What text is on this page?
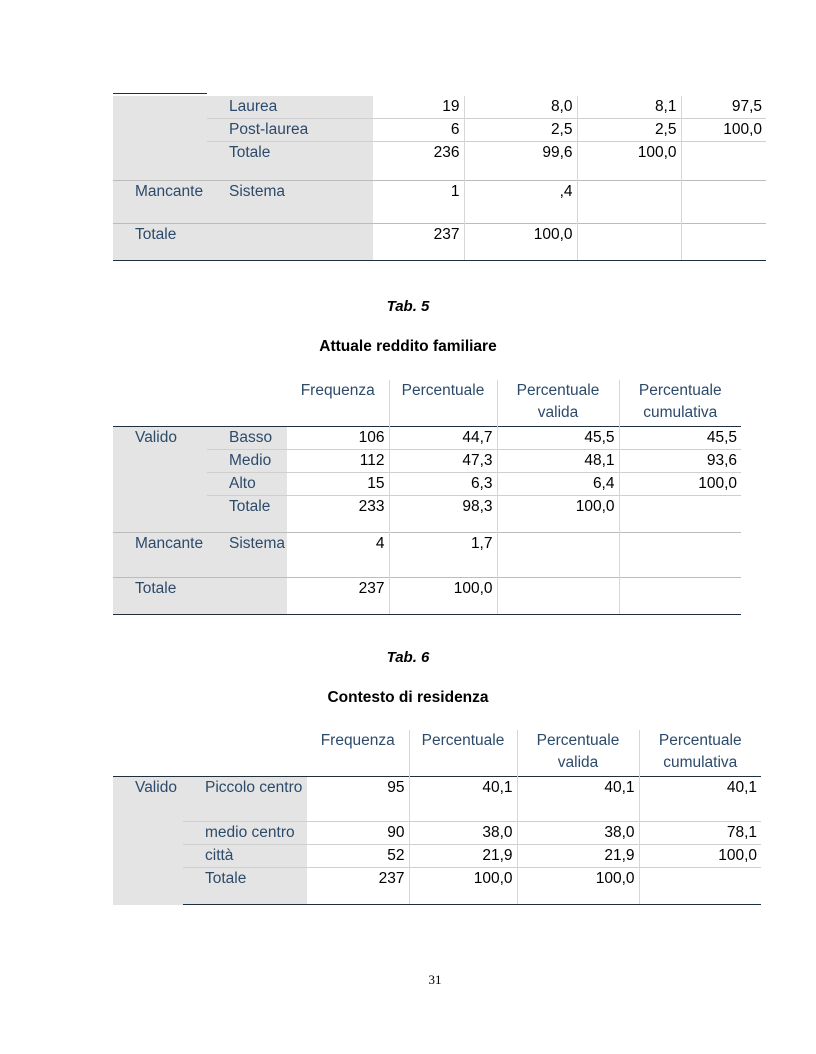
	Laurea	19	8,0	8,1	97,5
	Post-laurea	6	2,5	2,5	100,0
	Totale	236	99,6	100,0	
Mancante	Sistema	1	,4		
Totale		237	100,0		
Tab. 5
Attuale reddito familiare
		Frequenza	Percentuale	Percentuale valida	Percentuale cumulativa
Valido	Basso	106	44,7	45,5	45,5
	Medio	112	47,3	48,1	93,6
	Alto	15	6,3	6,4	100,0
	Totale	233	98,3	100,0	
Mancante	Sistema	4	1,7		
Totale		237	100,0		
Tab. 6
Contesto di residenza
		Frequenza	Percentuale	Percentuale valida	Percentuale cumulativa
Valido	Piccolo centro	95	40,1	40,1	40,1
	medio centro	90	38,0	38,0	78,1
	città	52	21,9	21,9	100,0
	Totale	237	100,0	100,0	
31
